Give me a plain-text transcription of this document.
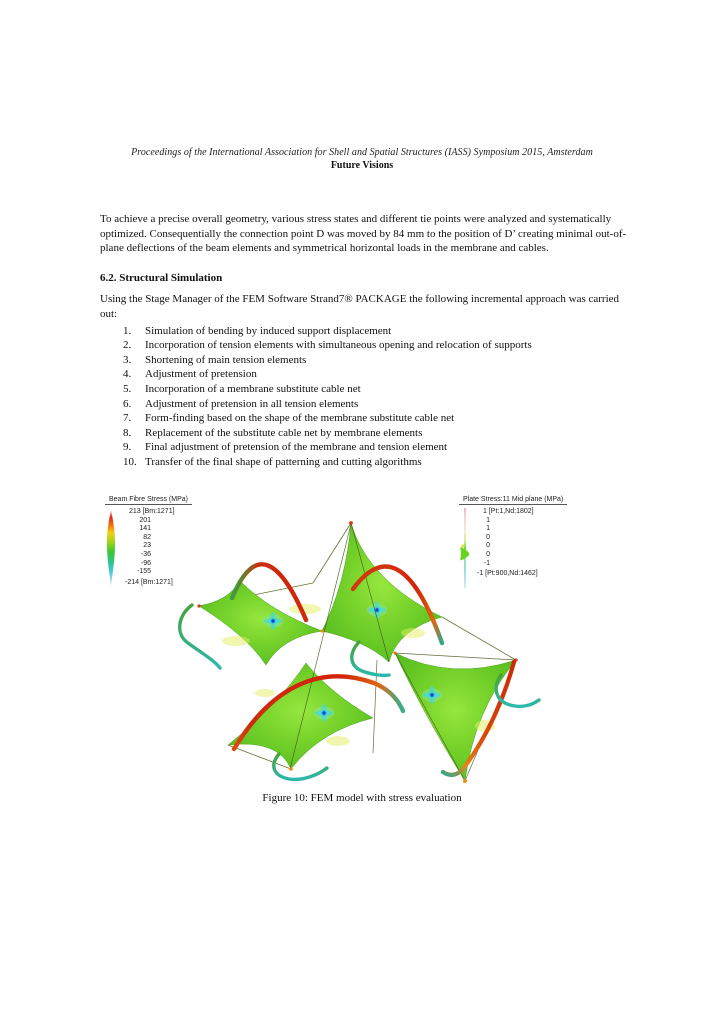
Proceedings of the International Association for Shell and Spatial Structures (IASS) Symposium 2015, Amsterdam
Future Visions

To achieve a precise overall geometry, various stress states and different tie points were analyzed and systematically optimized. Consequentially the connection point D was moved by 84 mm to the position of D’ creating minimal out-of-plane deflections of the beam elements and symmetrical horizontal loads in the membrane and cables.

6.2. Structural Simulation

Using the Stage Manager of the FEM Software Strand7® PACKAGE the following incremental approach was carried out:

Simulation of bending by induced support displacement
Incorporation of tension elements with simultaneous opening and relocation of supports
Shortening of main tension elements
Adjustment of pretension
Incorporation of a membrane substitute cable net
Adjustment of pretension in all tension elements
Form-finding based on the shape of the membrane substitute cable net
Replacement of the substitute cable net by membrane elements
Final adjustment of pretension of the membrane and tension element
Transfer of the final shape of patterning and cutting algorithms
Beam Fibre Stress (MPa)
213 [Bm:1271]
201
141
82
23
-36
-96
-155
-214 [Bm:1271]
Plate Stress:11 Mid plane (MPa)
1 [Pt:1,Nd:1802]
1
1
0
0
0
-1
-1 [Pt:900,Nd:1462]
Figure 10: FEM model with stress evaluation
